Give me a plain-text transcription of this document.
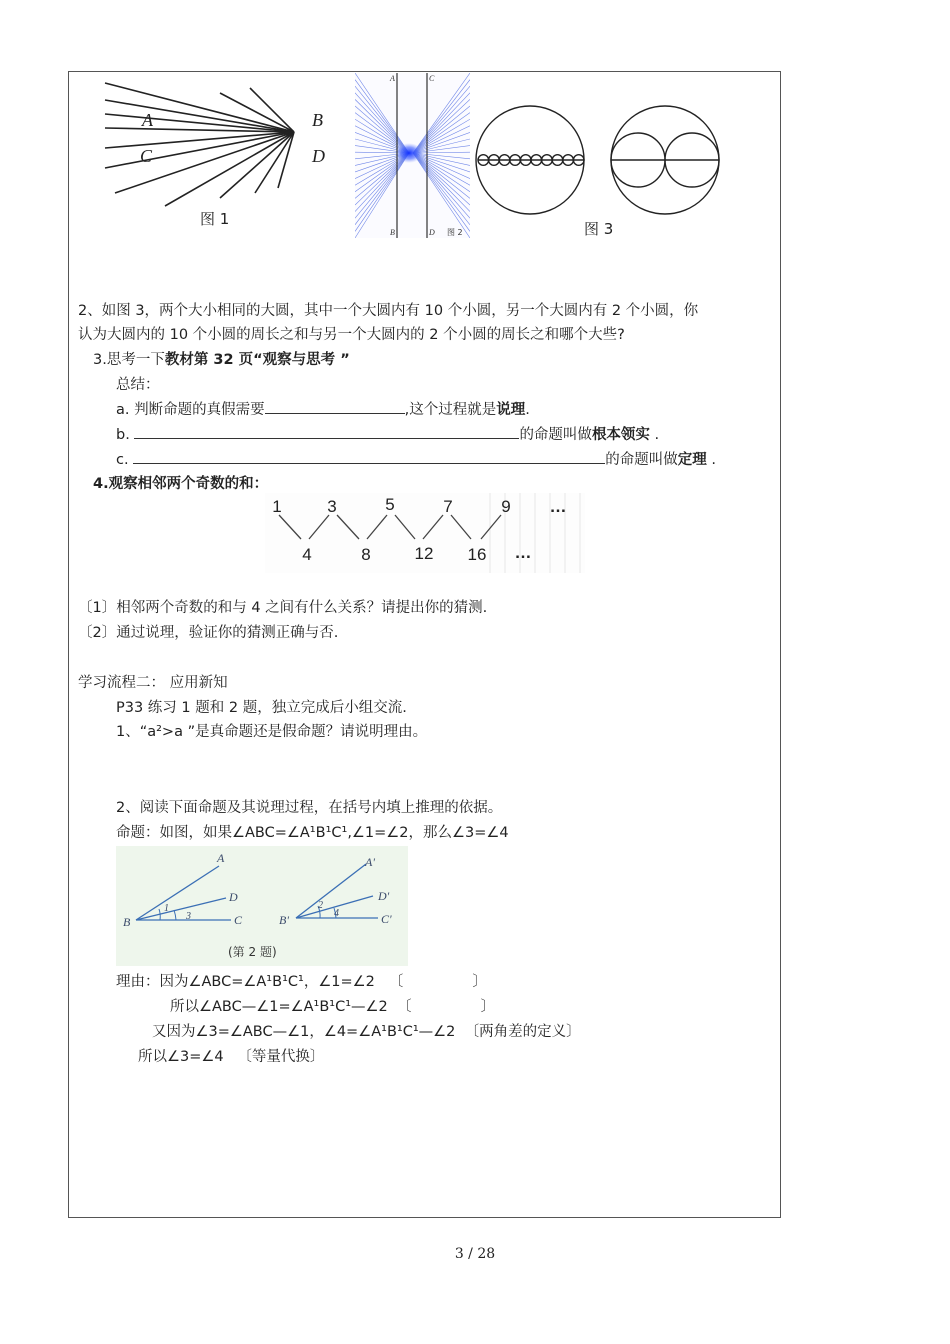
A	B
C	D
图 1
A	C
B	D 图 2	图 3
2、如图 3，两个大小相同的大圆，其中一个大圆内有 10 个小圆，另一个大圆内有 2 个小圆，你
认为大圆内的 10 个小圆的周长之和与另一个大圆内的 2 个小圆的周长之和哪个大些?
3.思考一下教材第 32 页“观察与思考 ”
总结：
a. 判断命题的真假需要	,这个过程就是说理.
b.	的命题叫做根本领实 .
c.	的命题叫做定理 .
4.观察相邻两个奇数的和：
1	3	5	7	9 …
4	8	12 16 …
〔1〕相邻两个奇数的和与 4 之间有什么关系？请提出你的猜测.
〔2〕通过说理，验证你的猜测正确与否.
学习流程二： 应用新知
P33 练习 1 题和 2 题，独立完成后小组交流.
1、“a²>a ”是真命题还是假命题？请说明理由。
2、阅读下面命题及其说理过程，在括号内填上推理的依据。
命题：如图，如果∠ABC=∠A¹B¹C¹,∠1=∠2，那么∠3=∠4
A
D
B	C
1
3
A'
D'
B'	C'
2
4
(第 2 题)
理由：因为∠ABC=∠A¹B¹C¹，∠1=∠2   〔               〕
所以∠ABC—∠1=∠A¹B¹C¹—∠2  〔               〕
又因为∠3=∠ABC—∠1，∠4=∠A¹B¹C¹—∠2  〔两角差的定义〕
所以∠3=∠4   〔等量代换〕
3 / 28
